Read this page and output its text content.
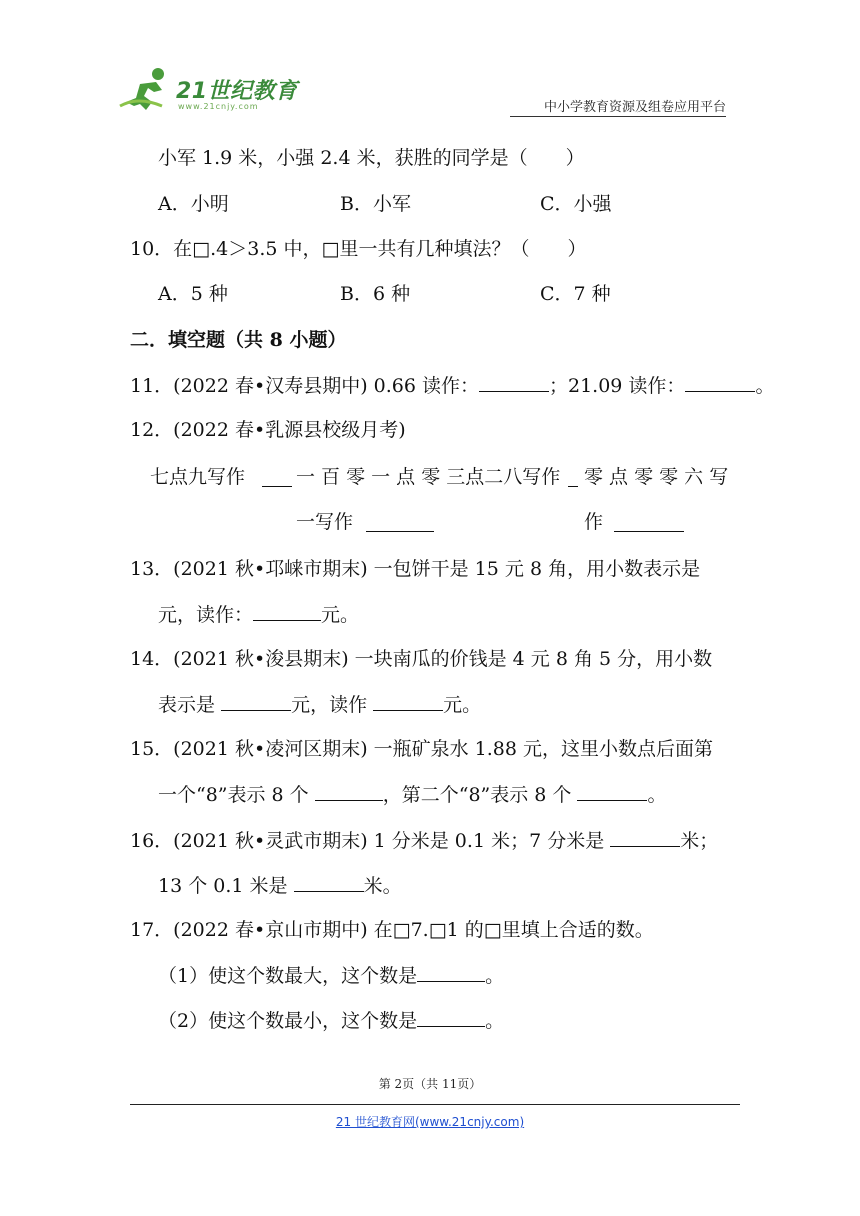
21世纪教育
www.21cnjy.com	中小学教育资源及组卷应用平台
小军 1.9 米，小强 2.4 米，获胜的同学是（　　）
A．小明	B．小军	C．小强
10．在□.4＞3.5 中，□里一共有几种填法？（　　）
A．5 种	B．6 种	C．7 种
二．填空题（共 8 小题）
11．(2022 春•汉寿县期中) 0.66 读作：	；21.09 读作：	。
12．(2022 春•乳源县校级月考)
七点九写作	一 百 零 一 点 零 三点二八写作 零 点 零 零 六 写
一写作	作
13．(2021 秋•邛崃市期末) 一包饼干是 15 元 8 角，用小数表示是
元，读作：	元。
14．(2021 秋•浚县期末) 一块南瓜的价钱是 4 元 8 角 5 分，用小数
表示是	元，读作	元。
15．(2021 秋•凌河区期末) 一瓶矿泉水 1.88 元，这里小数点后面第
一个“8”表示 8 个	，第二个“8”表示 8 个	。
16．(2021 秋•灵武市期末) 1 分米是 0.1 米；7 分米是	米；
13 个 0.1 米是	米。
17．(2022 春•京山市期中) 在□7.□1 的□里填上合适的数。
（1）使这个数最大，这个数是	。
（2）使这个数最小，这个数是	。
第 2页（共 11页）
21 世纪教育网(www.21cnjy.com)
